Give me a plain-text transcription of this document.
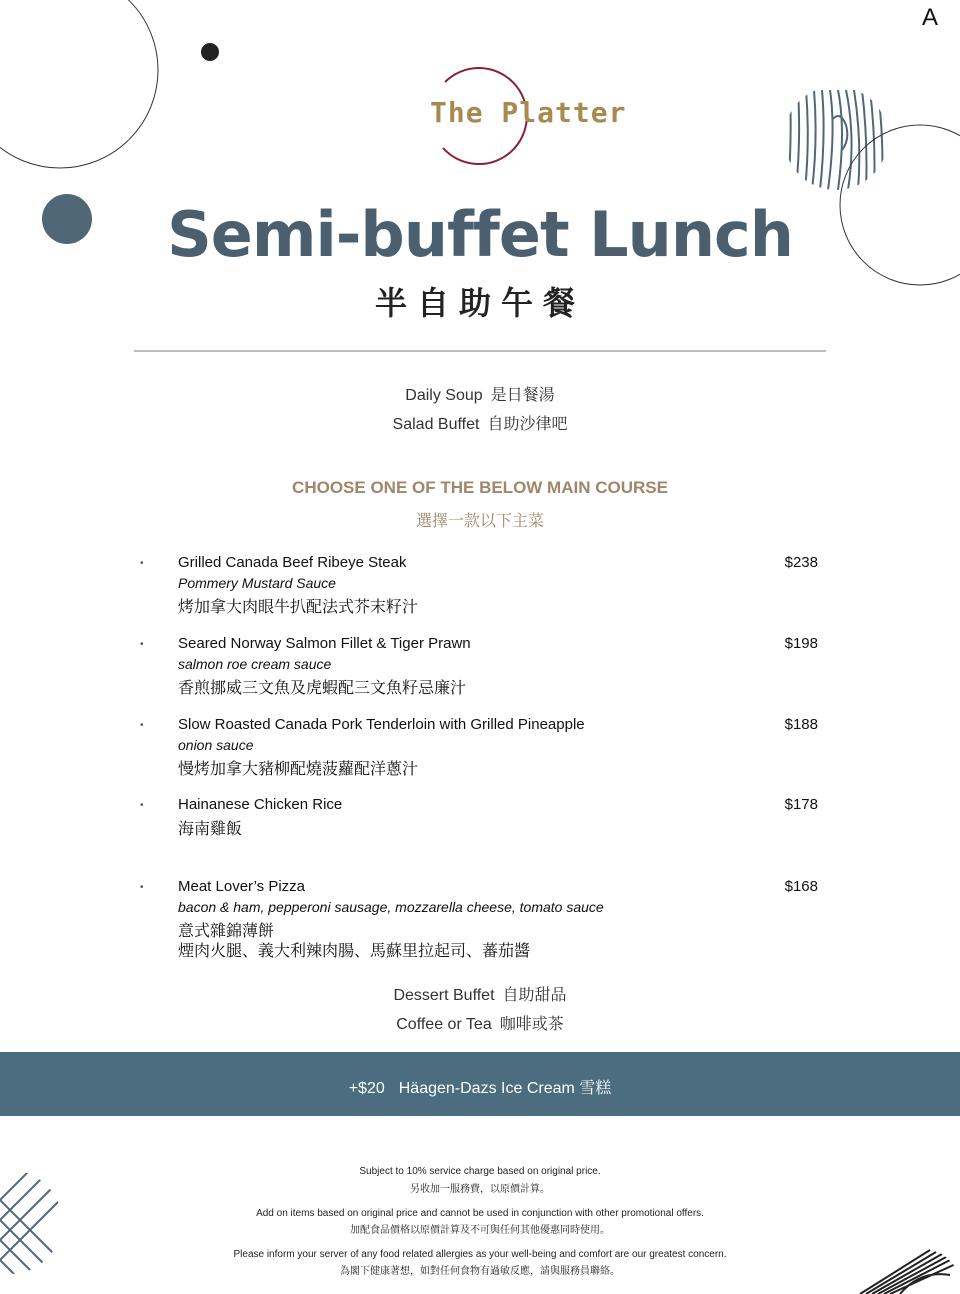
A
The Platter
Semi-buffet Lunch
半自助午餐
Daily Soup 是日餐湯
Salad Buffet 自助沙律吧
CHOOSE ONE OF THE BELOW MAIN COURSE
選擇一款以下主菜
• Grilled Canada Beef Ribeye Steak	$238
Pommery Mustard Sauce
烤加拿大肉眼牛扒配法式芥末籽汁
• Seared Norway Salmon Fillet & Tiger Prawn	$198
salmon roe cream sauce
香煎挪威三文魚及虎蝦配三文魚籽忌廉汁
• Slow Roasted Canada Pork Tenderloin with Grilled Pineapple	$188
onion sauce
慢烤加拿大豬柳配燒菠蘿配洋蔥汁
• Hainanese Chicken Rice	$178
海南雞飯
• Meat Lover’s Pizza	$168
bacon & ham, pepperoni sausage, mozzarella cheese, tomato sauce
意式雜錦薄餅
煙肉火腿、義大利辣肉腸、馬蘇里拉起司、蕃茄醬
Dessert Buffet 自助甜品
Coffee or Tea 咖啡或茶
+$20 Häagen-Dazs Ice Cream 雪糕
Subject to 10% service charge based on original price.
另收加一服務費，以原價計算。
Add on items based on original price and cannot be used in conjunction with other promotional offers.
加配食品價格以原價計算及不可與任何其他優惠同時使用。
Please inform your server of any food related allergies as your well-being and comfort are our greatest concern.
為閣下健康著想，如對任何食物有過敏反應，請與服務員聯絡。
